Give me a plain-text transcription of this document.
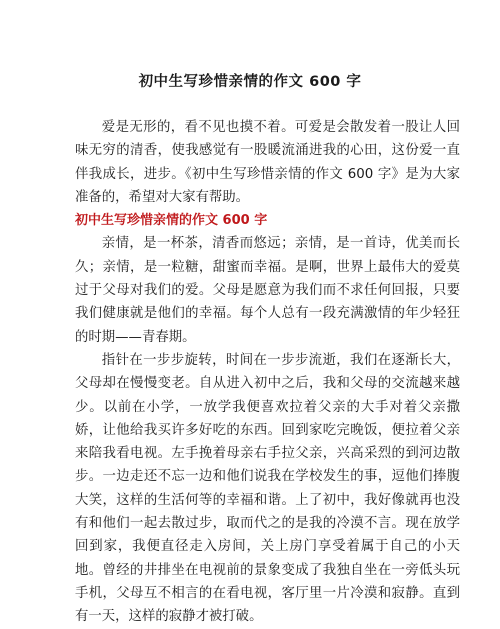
初中生写珍惜亲情的作文 600 字

爱是无形的，看不见也摸不着。可爱是会散发着一股让人回味无穷的清香，使我感觉有一股暖流涌进我的心田，这份爱一直伴我成长，进步。《初中生写珍惜亲情的作文 600 字》是为大家准备的，希望对大家有帮助。

初中生写珍惜亲情的作文 600 字

亲情，是一杯茶，清香而悠远；亲情，是一首诗，优美而长久；亲情，是一粒糖，甜蜜而幸福。是啊，世界上最伟大的爱莫过于父母对我们的爱。父母是愿意为我们而不求任何回报，只要我们健康就是他们的幸福。每个人总有一段充满激情的年少轻狂的时期——青春期。

指针在一步步旋转，时间在一步步流逝，我们在逐渐长大，父母却在慢慢变老。自从进入初中之后，我和父母的交流越来越少。以前在小学，一放学我便喜欢拉着父亲的大手对着父亲撒娇，让他给我买许多好吃的东西。回到家吃完晚饭，便拉着父亲来陪我看电视。左手挽着母亲右手拉父亲，兴高采烈的到河边散步。一边走还不忘一边和他们说我在学校发生的事，逗他们捧腹大笑，这样的生活何等的幸福和谐。上了初中，我好像就再也没有和他们一起去散过步，取而代之的是我的冷漠不言。现在放学回到家，我便直径走入房间，关上房门享受着属于自己的小天地。曾经的井排坐在电视前的景象变成了我独自坐在一旁低头玩手机，父母互不相言的在看电视，客厅里一片冷漠和寂静。直到有一天，这样的寂静才被打破。
